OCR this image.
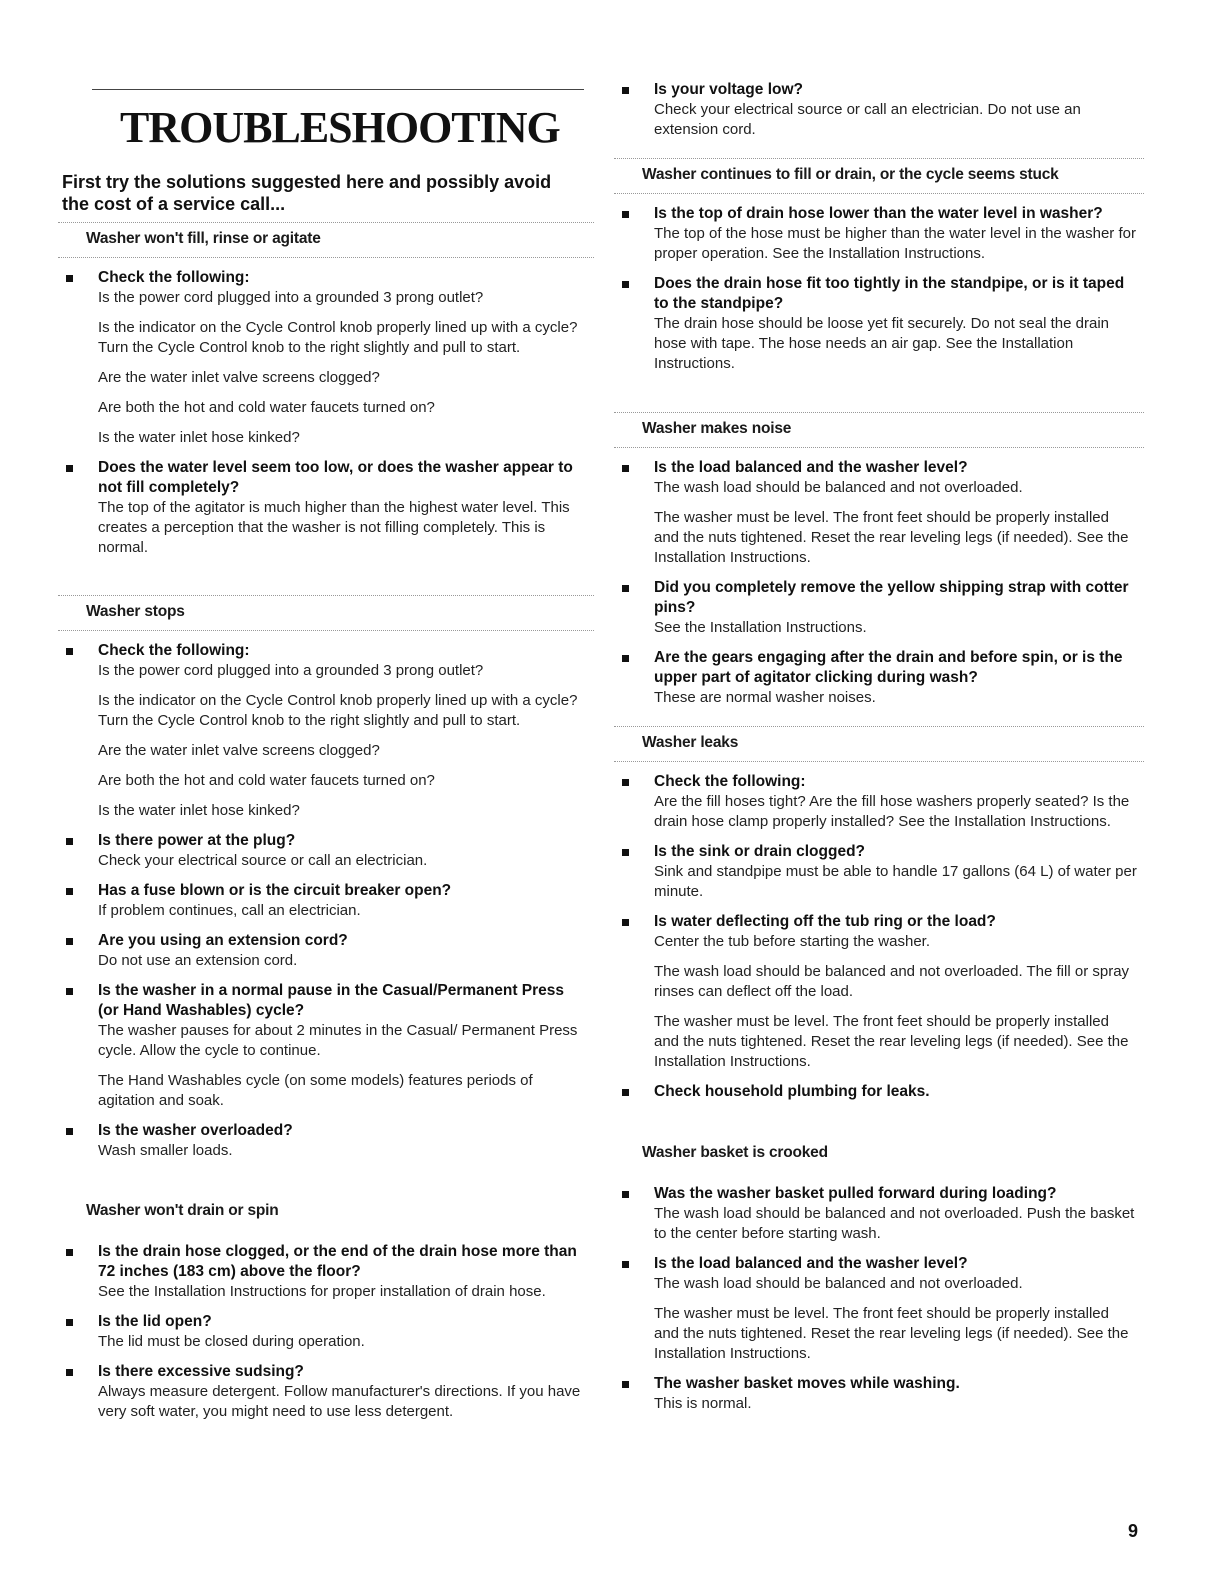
TROUBLESHOOTING
First try the solutions suggested here and possibly avoid the cost of a service call...
Washer won't fill, rinse or agitate
Check the following:
Is the power cord plugged into a grounded 3 prong outlet?
Is the indicator on the Cycle Control knob properly lined up with a cycle? Turn the Cycle Control knob to the right slightly and pull to start.
Are the water inlet valve screens clogged?
Are both the hot and cold water faucets turned on?
Is the water inlet hose kinked?
Does the water level seem too low, or does the washer appear to not fill completely?
The top of the agitator is much higher than the highest water level. This creates a perception that the washer is not filling completely. This is normal.
Washer stops
Check the following:
Is the power cord plugged into a grounded 3 prong outlet?
Is the indicator on the Cycle Control knob properly lined up with a cycle? Turn the Cycle Control knob to the right slightly and pull to start.
Are the water inlet valve screens clogged?
Are both the hot and cold water faucets turned on?
Is the water inlet hose kinked?
Is there power at the plug?
Check your electrical source or call an electrician.
Has a fuse blown or is the circuit breaker open?
If problem continues, call an electrician.
Are you using an extension cord?
Do not use an extension cord.
Is the washer in a normal pause in the Casual/Permanent Press (or Hand Washables) cycle?
The washer pauses for about 2 minutes in the Casual/ Permanent Press cycle. Allow the cycle to continue.
The Hand Washables cycle (on some models) features periods of agitation and soak.
Is the washer overloaded?
Wash smaller loads.
Washer won't drain or spin
Is the drain hose clogged, or the end of the drain hose more than 72 inches (183 cm) above the floor?
See the Installation Instructions for proper installation of drain hose.
Is the lid open?
The lid must be closed during operation.
Is there excessive sudsing?
Always measure detergent. Follow manufacturer's directions. If you have very soft water, you might need to use less detergent.
Is your voltage low?
Check your electrical source or call an electrician. Do not use an extension cord.
Washer continues to fill or drain, or the cycle seems stuck
Is the top of drain hose lower than the water level in washer?
The top of the hose must be higher than the water level in the washer for proper operation. See the Installation Instructions.
Does the drain hose fit too tightly in the standpipe, or is it taped to the standpipe?
The drain hose should be loose yet fit securely. Do not seal the drain hose with tape. The hose needs an air gap. See the Installation Instructions.
Washer makes noise
Is the load balanced and the washer level?
The wash load should be balanced and not overloaded.
The washer must be level. The front feet should be properly installed and the nuts tightened. Reset the rear leveling legs (if needed). See the Installation Instructions.
Did you completely remove the yellow shipping strap with cotter pins?
See the Installation Instructions.
Are the gears engaging after the drain and before spin, or is the upper part of agitator clicking during wash?
These are normal washer noises.
Washer leaks
Check the following:
Are the fill hoses tight? Are the fill hose washers properly seated? Is the drain hose clamp properly installed? See the Installation Instructions.
Is the sink or drain clogged?
Sink and standpipe must be able to handle 17 gallons (64 L) of water per minute.
Is water deflecting off the tub ring or the load?
Center the tub before starting the washer.
The wash load should be balanced and not overloaded. The fill or spray rinses can deflect off the load.
The washer must be level. The front feet should be properly installed and the nuts tightened. Reset the rear leveling legs (if needed). See the Installation Instructions.
Check household plumbing for leaks.
Washer basket is crooked
Was the washer basket pulled forward during loading?
The wash load should be balanced and not overloaded. Push the basket to the center before starting wash.
Is the load balanced and the washer level?
The wash load should be balanced and not overloaded.
The washer must be level. The front feet should be properly installed and the nuts tightened. Reset the rear leveling legs (if needed). See the Installation Instructions.
The washer basket moves while washing.
This is normal.
9
